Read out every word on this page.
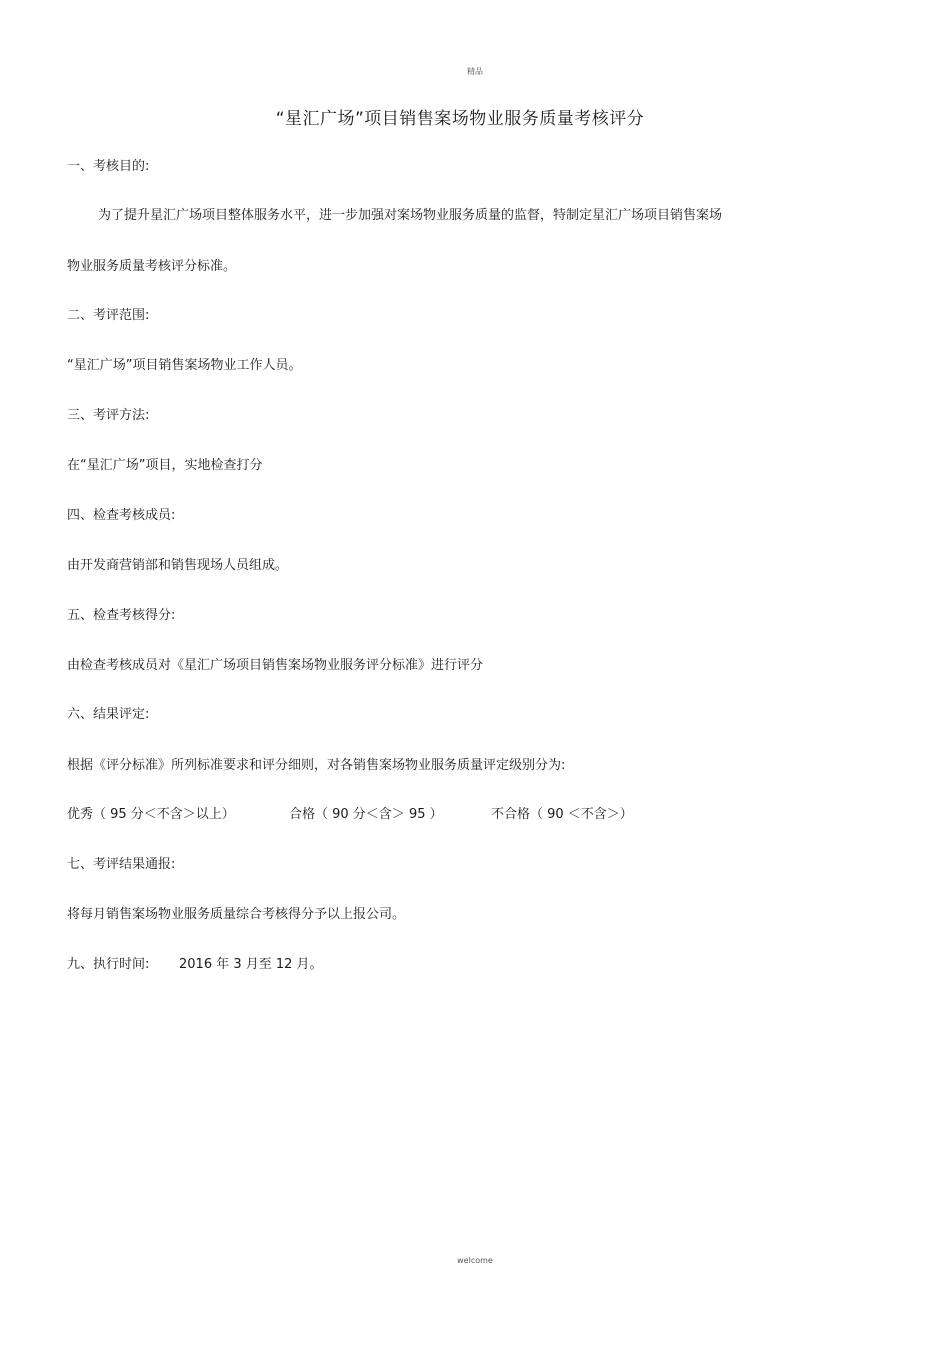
精品
“星汇广场”项目销售案场物业服务质量考核评分
一、考核目的:
为了提升星汇广场项目整体服务水平，进一步加强对案场物业服务质量的监督，特制定星汇广场项目销售案场
物业服务质量考核评分标准。
二、考评范围:
“星汇广场”项目销售案场物业工作人员。
三、考评方法:
在“星汇广场”项目，实地检查打分
四、检查考核成员:
由开发商营销部和销售现场人员组成。
五、检查考核得分:
由检查考核成员对《星汇广场项目销售案场物业服务评分标准》进行评分
六、结果评定:
根据《评分标准》所列标准要求和评分细则，对各销售案场物业服务质量评定级别分为:
优秀（ 95 分＜不含＞以上）	合格（ 90 分＜含＞ 95 ）	不合格（ 90 ＜不含＞）
七、考评结果通报:
将每月销售案场物业服务质量综合考核得分予以上报公司。
九、执行时间: 2016 年 3 月至 12 月。
welcome
